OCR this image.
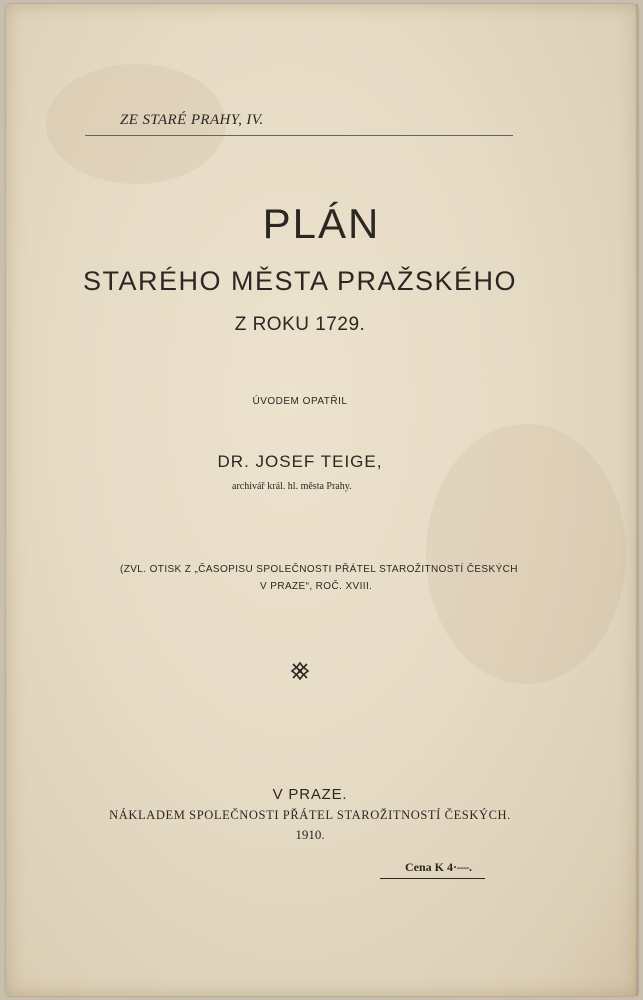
ZE STARÉ PRAHY, IV.
PLÁN
STARÉHO MĚSTA PRAŽSKÉHO
Z ROKU 1729.
ÚVODEM OPATŘIL
DR. JOSEF TEIGE,
archivář král. hl. města Prahy.
(ZVL. OTISK Z „ČASOPISU SPOLEČNOSTI PŘÁTEL STAROŽITNOSTÍ ČESKÝCH
V PRAZE“, ROČ. XVIII.
V PRAZE.
NÁKLADEM SPOLEČNOSTI PŘÁTEL STAROŽITNOSTÍ ČESKÝCH.
1910.
Cena K 4·—.
